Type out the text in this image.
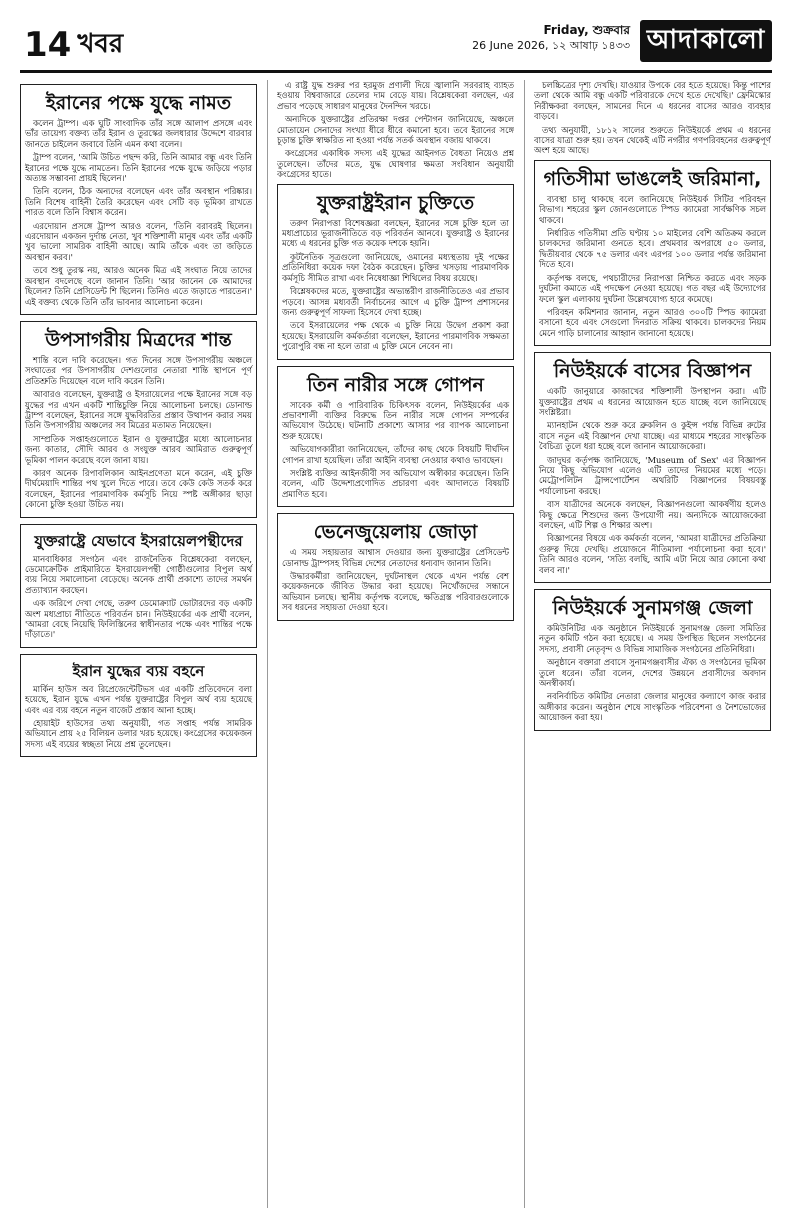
14 খবর	Friday, শুক্রবার
26 June 2026, ১২ আষাঢ় ১৪৩৩ আদাকালো
ইরানের পক্ষে যুদ্ধে নামত

কলেন ট্রাম্প। এক ঘুটি সাংবাদিক তাঁর সঙ্গে আলাপ প্রসঙ্গে এবং ভাঁর তায়েগ্য বক্তব্য তাঁর ইরান ও তুরস্কের জলধারার উদ্দেশে বারবার জানতে চাইলেন জবাবে তিনি এমন কথা বলেন।

ট্রাম্প বলেন, 'আমি উচিত পছন্দ করি, তিনি আমার বন্ধু এবং তিনি ইরানের পক্ষে যুদ্ধে নামতেন। তিনি ইরানের পক্ষে যুদ্ধে জড়িয়ে পড়ার অত্যন্ত সম্ভাবনা প্রায়ই ছিলেন।'

তিনি বলেন, ঠিক অন্যদের বলেছেন এবং তাঁর অবস্থান পরিষ্কার। তিনি বিশেষ বাহিনী তৈরি করেছেন এবং সেটি বড় ভূমিকা রাখতে পারত বলে তিনি বিশ্বাস করেন।

এরদোয়ান প্রসঙ্গে ট্রাম্প আরও বলেন, 'তিনি বরাবরই ছিলেন। এরদোয়ান একজন দুর্দান্ত নেতা, খুব শক্তিশালী মানুষ এবং তাঁর একটি খুব ভালো সামরিক বাহিনী আছে। আমি তাঁকে এবং তা জড়িতে অবস্থান করব।'

তবে শুধু তুরস্ক নয়, আরও অনেক মিত্র এই সংঘাত নিয়ে তাদের অবস্থান বদলেছে বলে জানান তিনি। 'আর জানেন কে আমাদের ছিলেন? তিনি প্রেসিডেন্ট শি ছিলেন। তিনিও এতে জড়াতে পারতেন।' এই বক্তব্য থেকে তিনি তাঁর ভাবনার আলোচনা করেন।

উপসাগরীয় মিত্রদের শান্ত

শান্তি বলে দাবি করেছেন। গত দিনের সঙ্গে উপসাগরীয় অঞ্চলে সংঘাতের পর উপসাগরীয় দেশগুলোর নেতারা শান্তি স্থাপনে পূর্ণ প্রতিশ্রুতি দিয়েছেন বলে দাবি করেন তিনি।

আবারও বলেছেন, যুক্তরাষ্ট্র ও ইসরায়েলের পক্ষে ইরানের সঙ্গে বড় যুদ্ধের পর এখন একটি শান্তিচুক্তি নিয়ে আলোচনা চলছে। ডোনাল্ড ট্রাম্প বলেছেন, ইরানের সঙ্গে যুদ্ধবিরতির প্রস্তাব উত্থাপন করার সময় তিনি উপসাগরীয় অঞ্চলের সব মিত্রের মতামত নিয়েছেন।

সাম্প্রতিক সপ্তাহগুলোতে ইরান ও যুক্তরাষ্ট্রের মধ্যে আলোচনার জন্য কাতার, সৌদি আরব ও সংযুক্ত আরব আমিরাত গুরুত্বপূর্ণ ভূমিকা পালন করেছে বলে জানা যায়।

কারণ অনেক রিপাবলিকান আইনপ্রণেতা মনে করেন, এই চুক্তি দীর্ঘমেয়াদি শান্তির পথ খুলে দিতে পারে। তবে কেউ কেউ সতর্ক করে বলেছেন, ইরানের পারমাণবিক কর্মসূচি নিয়ে স্পষ্ট অঙ্গীকার ছাড়া কোনো চুক্তি হওয়া উচিত নয়।

যুক্তরাষ্ট্রে যেভাবে ইসরায়েলপন্থীদের

মানবাধিকার সংগঠন এবং রাজনৈতিক বিশ্লেষকেরা বলছেন, ডেমোক্রেটিক প্রাইমারিতে ইসরায়েলপন্থী গোষ্ঠীগুলোর বিপুল অর্থ ব্যয় নিয়ে সমালোচনা বেড়েছে। অনেক প্রার্থী প্রকাশ্যে তাদের সমর্থন প্রত্যাখ্যান করছেন।

এক জরিপে দেখা গেছে, তরুণ ডেমোক্র্যাট ভোটারদের বড় একটি অংশ মধ্যপ্রাচ্য নীতিতে পরিবর্তন চান। নিউইয়র্কের এক প্রার্থী বলেন, 'আমরা বেছে নিয়েছি ফিলিস্তিনের স্বাধীনতার পক্ষে এবং শান্তির পক্ষে দাঁড়াতে।'

ইরান যুদ্ধের ব্যয় বহনে

মার্কিন হাউস অব রিপ্রেজেন্টেটিভস এর একটি প্রতিবেদনে বলা হয়েছে, ইরান যুদ্ধে এখন পর্যন্ত যুক্তরাষ্ট্রের বিপুল অর্থ ব্যয় হয়েছে এবং এর ব্যয় বহনে নতুন বাজেট প্রস্তাব আনা হচ্ছে।

হোয়াইট হাউসের তথ্য অনুযায়ী, গত সপ্তাহ পর্যন্ত সামরিক অভিযানে প্রায় ২৫ বিলিয়ন ডলার খরচ হয়েছে। কংগ্রেসের কয়েকজন সদস্য এই ব্যয়ের স্বচ্ছতা নিয়ে প্রশ্ন তুলেছেন।

এ রাষ্ট্র যুদ্ধ শুরুর পর হরমুজ প্রণালী দিয়ে জ্বালানি সরবরাহ ব্যাহত হওয়ায় বিশ্ববাজারে তেলের দাম বেড়ে যায়। বিশ্লেষকেরা বলছেন, এর প্রভাব পড়েছে সাধারণ মানুষের দৈনন্দিন খরচে।

অন্যদিকে যুক্তরাষ্ট্রের প্রতিরক্ষা দপ্তর পেন্টাগন জানিয়েছে, অঞ্চলে মোতায়েন সেনাদের সংখ্যা ধীরে ধীরে কমানো হবে। তবে ইরানের সঙ্গে চূড়ান্ত চুক্তি স্বাক্ষরিত না হওয়া পর্যন্ত সতর্ক অবস্থান বজায় থাকবে।

কংগ্রেসের একাধিক সদস্য এই যুদ্ধের আইনগত বৈধতা নিয়েও প্রশ্ন তুলেছেন। তাঁদের মতে, যুদ্ধ ঘোষণার ক্ষমতা সংবিধান অনুযায়ী কংগ্রেসের হাতে।

যুক্তরাষ্ট্রইরান চুক্তিতে

তরুণ নিরাপত্তা বিশেষজ্ঞরা বলছেন, ইরানের সঙ্গে চুক্তি হলে তা মধ্যপ্রাচ্যের ভূরাজনীতিতে বড় পরিবর্তন আনবে। যুক্তরাষ্ট্র ও ইরানের মধ্যে এ ধরনের চুক্তি গত কয়েক দশকে হয়নি।

কূটনৈতিক সূত্রগুলো জানিয়েছে, ওমানের মধ্যস্থতায় দুই পক্ষের প্রতিনিধিরা কয়েক দফা বৈঠক করেছেন। চুক্তির খসড়ায় পারমাণবিক কর্মসূচি সীমিত রাখা এবং নিষেধাজ্ঞা শিথিলের বিষয় রয়েছে।

বিশ্লেষকদের মতে, যুক্তরাষ্ট্রের অভ্যন্তরীণ রাজনীতিতেও এর প্রভাব পড়বে। আসন্ন মধ্যবর্তী নির্বাচনের আগে এ চুক্তি ট্রাম্প প্রশাসনের জন্য গুরুত্বপূর্ণ সাফল্য হিসেবে দেখা হচ্ছে।

তবে ইসরায়েলের পক্ষ থেকে এ চুক্তি নিয়ে উদ্বেগ প্রকাশ করা হয়েছে। ইসরায়েলি কর্মকর্তারা বলেছেন, ইরানের পারমাণবিক সক্ষমতা পুরোপুরি বন্ধ না হলে তারা এ চুক্তি মেনে নেবেন না।

তিন নারীর সঙ্গে গোপন

সাবেক কর্মী ও পারিবারিক চিকিৎসক বলেন, নিউইয়র্কের এক প্রভাবশালী ব্যক্তির বিরুদ্ধে তিন নারীর সঙ্গে গোপন সম্পর্কের অভিযোগ উঠেছে। ঘটনাটি প্রকাশ্যে আসার পর ব্যাপক আলোচনা শুরু হয়েছে।

অভিযোগকারীরা জানিয়েছেন, তাঁদের কাছ থেকে বিষয়টি দীর্ঘদিন গোপন রাখা হয়েছিল। তাঁরা আইনি ব্যবস্থা নেওয়ার কথাও ভাবছেন।

সংশ্লিষ্ট ব্যক্তির আইনজীবী সব অভিযোগ অস্বীকার করেছেন। তিনি বলেন, এটি উদ্দেশ্যপ্রণোদিত প্রচারণা এবং আদালতে বিষয়টি প্রমাণিত হবে।

ভেনেজুয়েলায় জোড়া

এ সময় সহায়তার আশ্বাস দেওয়ার জন্য যুক্তরাষ্ট্রের প্রেসিডেন্ট ডোনাল্ড ট্রাম্পসহ বিভিন্ন দেশের নেতাদের ধন্যবাদ জানান তিনি।

উদ্ধারকর্মীরা জানিয়েছেন, দুর্ঘটনাস্থল থেকে এখন পর্যন্ত বেশ কয়েকজনকে জীবিত উদ্ধার করা হয়েছে। নিখোঁজদের সন্ধানে অভিযান চলছে। স্থানীয় কর্তৃপক্ষ বলেছে, ক্ষতিগ্রস্ত পরিবারগুলোকে সব ধরনের সহায়তা দেওয়া হবে।

চলচ্চিত্রের দৃশ্য দেখছি। যাওয়ার উপকে বের হতে হয়েছে। কিন্তু পাশের তলা থেকে আমি বন্ধু একটি পরিবারকে দেখে হতে দেখেছি।' ফ্রেমিস্কোর নিরীক্ষকরা বলছেন, সামনের দিনে এ ধরনের বাসের আরও ব্যবহার বাড়বে।

তথ্য অনুযায়ী, ১৮১২ সালের শুরুতে নিউইয়র্কে প্রথম এ ধরনের বাসের যাত্রা শুরু হয়। তখন থেকেই এটি নগরীর গণপরিবহনের গুরুত্বপূর্ণ অংশ হয়ে আছে।

গতিসীমা ভাঙলেই জরিমানা,

ব্যবস্থা চালু থাকছে বলে জানিয়েছে নিউইয়র্ক সিটির পরিবহন বিভাগ। শহরের স্কুল জোনগুলোতে স্পিড ক্যামেরা সার্বক্ষণিক সচল থাকবে।

নির্ধারিত গতিসীমা প্রতি ঘণ্টায় ১০ মাইলের বেশি অতিক্রম করলে চালকদের জরিমানা গুনতে হবে। প্রথমবার অপরাধে ৫০ ডলার, দ্বিতীয়বার থেকে ৭৫ ডলার এবং এরপর ১০০ ডলার পর্যন্ত জরিমানা দিতে হবে।

কর্তৃপক্ষ বলছে, পথচারীদের নিরাপত্তা নিশ্চিত করতে এবং সড়ক দুর্ঘটনা কমাতে এই পদক্ষেপ নেওয়া হয়েছে। গত বছর এই উদ্যোগের ফলে স্কুল এলাকায় দুর্ঘটনা উল্লেখযোগ্য হারে কমেছে।

পরিবহন কমিশনার জানান, নতুন আরও ৩০০টি স্পিড ক্যামেরা বসানো হবে এবং সেগুলো দিনরাত সক্রিয় থাকবে। চালকদের নিয়ম মেনে গাড়ি চালানোর আহ্বান জানানো হয়েছে।

নিউইয়র্কে বাসের বিজ্ঞাপন

একটি জানুয়ারে কাজাখের শক্তিশালী উপস্থাপন করা। এটি যুক্তরাষ্ট্রের প্রথম এ ধরনের আয়োজন হতে যাচ্ছে বলে জানিয়েছে সংশ্লিষ্টরা।

ম্যানহাটন থেকে শুরু করে ব্রুকলিন ও কুইন্স পর্যন্ত বিভিন্ন রুটের বাসে নতুন এই বিজ্ঞাপন দেখা যাচ্ছে। এর মাধ্যমে শহরের সাংস্কৃতিক বৈচিত্র্য তুলে ধরা হচ্ছে বলে জানান আয়োজকেরা।

জাদুঘর কর্তৃপক্ষ জানিয়েছে, 'Museum of Sex' এর বিজ্ঞাপন নিয়ে কিছু অভিযোগ এলেও এটি তাদের নিয়মের মধ্যে পড়ে। মেট্রোপলিটন ট্রান্সপোর্টেশন অথরিটি বিজ্ঞাপনের বিষয়বস্তু পর্যালোচনা করছে।

বাস যাত্রীদের অনেকে বলছেন, বিজ্ঞাপনগুলো আকর্ষণীয় হলেও কিছু ক্ষেত্রে শিশুদের জন্য উপযোগী নয়। অন্যদিকে আয়োজকেরা বলছেন, এটি শিল্প ও শিক্ষার অংশ।

বিজ্ঞাপনের বিষয়ে এক কর্মকর্তা বলেন, 'আমরা যাত্রীদের প্রতিক্রিয়া গুরুত্ব দিয়ে দেখছি। প্রয়োজনে নীতিমালা পর্যালোচনা করা হবে।' তিনি আরও বলেন, 'সত্যি বলছি, আমি এটা নিয়ে আর কোনো কথা বলব না।'

নিউইয়র্কে সুনামগঞ্জ জেলা

কমিউনিটির এক অনুষ্ঠানে নিউইয়র্কে সুনামগঞ্জ জেলা সমিতির নতুন কমিটি গঠন করা হয়েছে। এ সময় উপস্থিত ছিলেন সংগঠনের সদস্য, প্রবাসী নেতৃবৃন্দ ও বিভিন্ন সামাজিক সংগঠনের প্রতিনিধিরা।

অনুষ্ঠানে বক্তারা প্রবাসে সুনামগঞ্জবাসীর ঐক্য ও সংগঠনের ভূমিকা তুলে ধরেন। তাঁরা বলেন, দেশের উন্নয়নে প্রবাসীদের অবদান অনস্বীকার্য।

নবনির্বাচিত কমিটির নেতারা জেলার মানুষের কল্যাণে কাজ করার অঙ্গীকার করেন। অনুষ্ঠান শেষে সাংস্কৃতিক পরিবেশনা ও নৈশভোজের আয়োজন করা হয়।
